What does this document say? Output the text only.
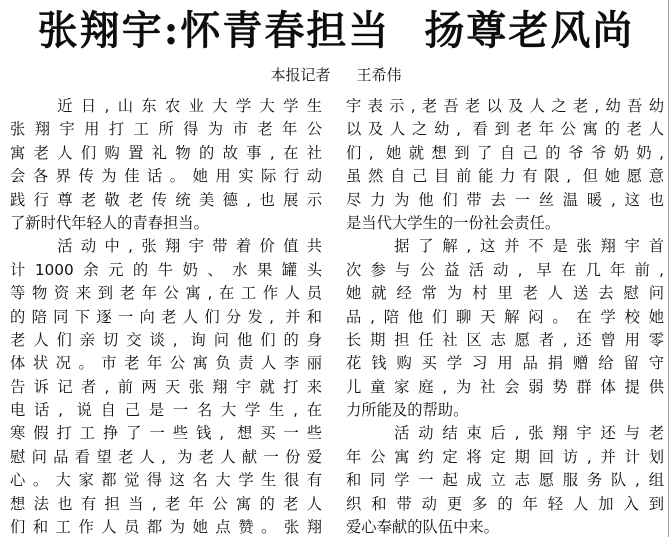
张翔宇:怀青春担当 扬尊老风尚
本报记者 王希伟
　　近日,山东农业大学大学生
张翔宇用打工所得为市老年公
寓老人们购置礼物的故事,在社
会各界传为佳话。她用实际行动
践行尊老敬老传统美德,也展示
了新时代年轻人的青春担当。
　　活动中,张翔宇带着价值共
计1000余元的牛奶、水果罐头
等物资来到老年公寓,在工作人员
的陪同下逐一向老人们分发, 并和
老人们亲切交谈, 询问他们的身
体状况。市老年公寓负责人李丽
告诉记者,前两天张翔宇就打来
电话, 说自己是一名大学生,在
寒假打工挣了一些钱, 想买一些
慰问品看望老人, 为老人献一份爱
心。大家都觉得这名大学生很有
想法也有担当,老年公寓的老人
们和工作人员都为她点赞。张翔
宇表示,老吾老以及人之老,幼吾幼
以及人之幼, 看到老年公寓的老人
们, 她就想到了自己的爷爷奶奶,
虽然自己目前能力有限, 但她愿意
尽力为他们带去一丝温暖,这也
是当代大学生的一份社会责任。
　　据了解,这并不是张翔宇首
次参与公益活动, 早在几年前,
她就经常为村里老人送去慰问
品,陪他们聊天解闷。在学校她
长期担任社区志愿者,还曾用零
花钱购买学习用品捐赠给留守
儿童家庭,为社会弱势群体提供
力所能及的帮助。
　　活动结束后,张翔宇还与老
年公寓约定将定期回访,并计划
和同学一起成立志愿服务队,组
织和带动更多的年轻人加入到
爱心奉献的队伍中来。
